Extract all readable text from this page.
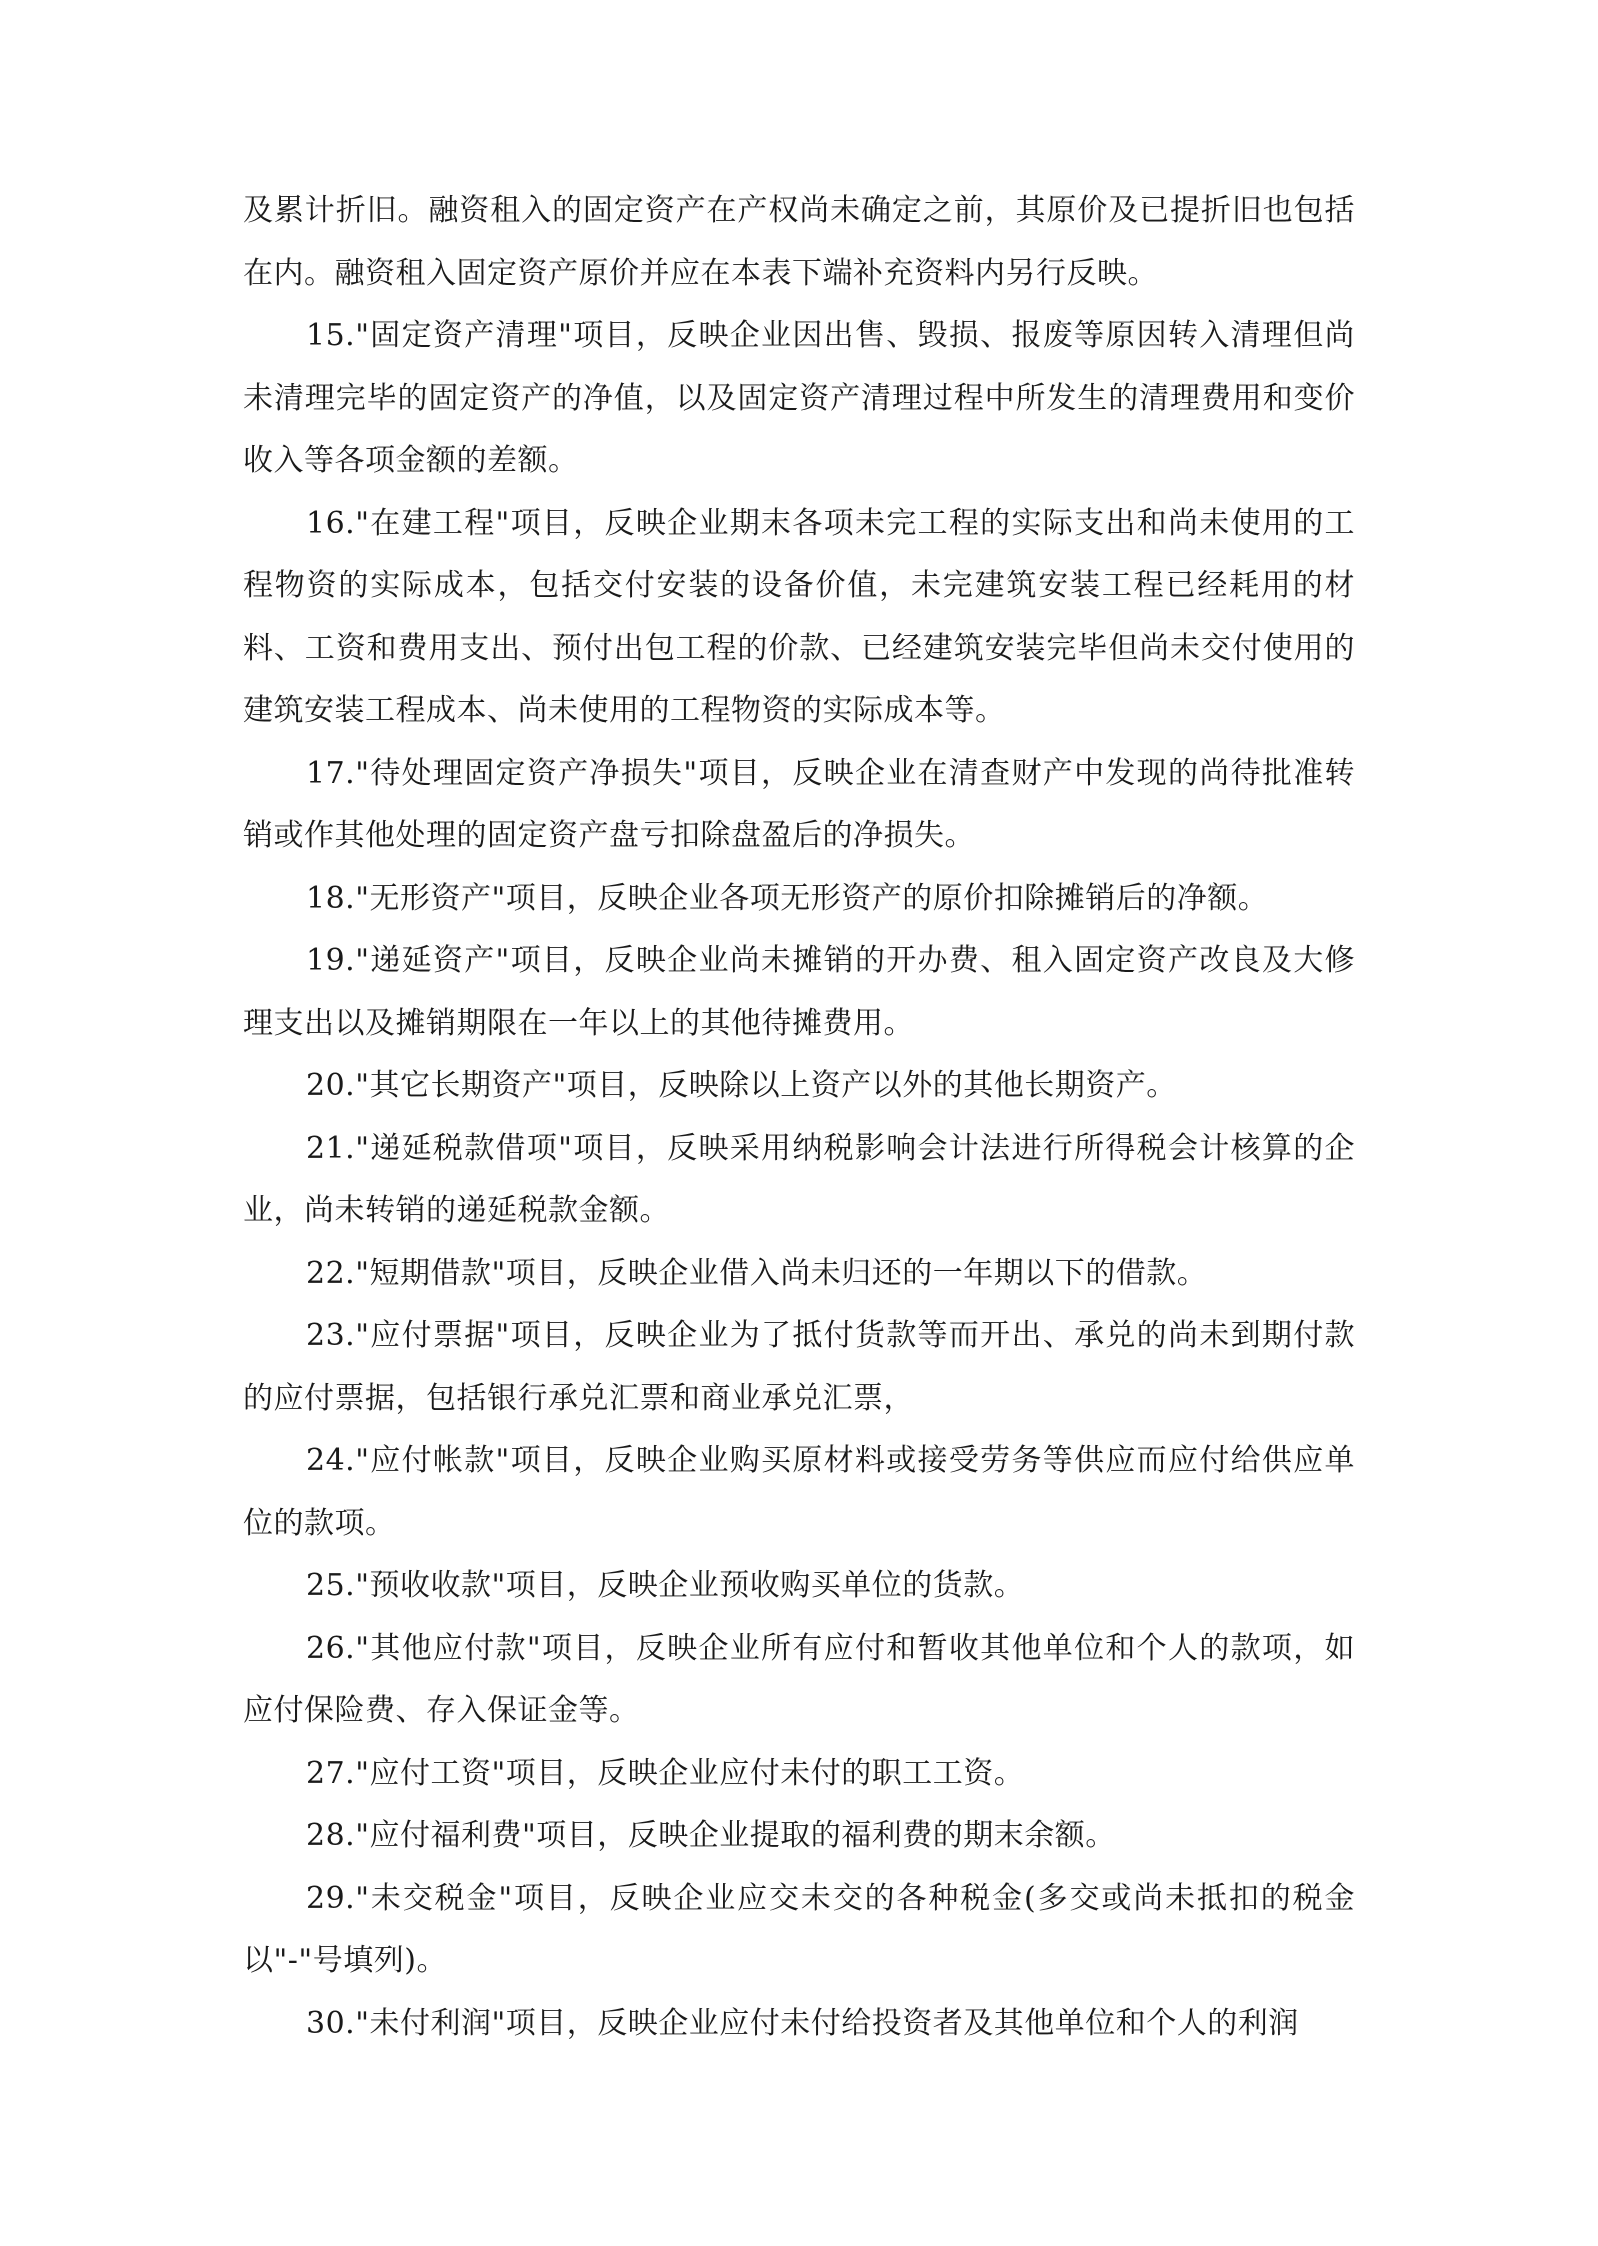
及累计折旧。融资租入的固定资产在产权尚未确定之前，其原价及已提折旧也包括在内。融资租入固定资产原价并应在本表下端补充资料内另行反映。

15."固定资产清理"项目，反映企业因出售、毁损、报废等原因转入清理但尚未清理完毕的固定资产的净值，以及固定资产清理过程中所发生的清理费用和变价收入等各项金额的差额。

16."在建工程"项目，反映企业期末各项未完工程的实际支出和尚未使用的工程物资的实际成本，包括交付安装的设备价值，未完建筑安装工程已经耗用的材料、工资和费用支出、预付出包工程的价款、已经建筑安装完毕但尚未交付使用的建筑安装工程成本、尚未使用的工程物资的实际成本等。

17."待处理固定资产净损失"项目，反映企业在清查财产中发现的尚待批准转销或作其他处理的固定资产盘亏扣除盘盈后的净损失。

18."无形资产"项目，反映企业各项无形资产的原价扣除摊销后的净额。

19."递延资产"项目，反映企业尚未摊销的开办费、租入固定资产改良及大修理支出以及摊销期限在一年以上的其他待摊费用。

20."其它长期资产"项目，反映除以上资产以外的其他长期资产。

21."递延税款借项"项目，反映采用纳税影响会计法进行所得税会计核算的企业，尚未转销的递延税款金额。

22."短期借款"项目，反映企业借入尚未归还的一年期以下的借款。

23."应付票据"项目，反映企业为了抵付货款等而开出、承兑的尚未到期付款的应付票据，包括银行承兑汇票和商业承兑汇票，

24."应付帐款"项目，反映企业购买原材料或接受劳务等供应而应付给供应单位的款项。

25."预收收款"项目，反映企业预收购买单位的货款。

26."其他应付款"项目，反映企业所有应付和暂收其他单位和个人的款项，如应付保险费、存入保证金等。

27."应付工资"项目，反映企业应付未付的职工工资。

28."应付福利费"项目，反映企业提取的福利费的期末余额。

29."未交税金"项目，反映企业应交未交的各种税金(多交或尚未抵扣的税金以"-"号填列)。

30."未付利润"项目，反映企业应付未付给投资者及其他单位和个人的利润
